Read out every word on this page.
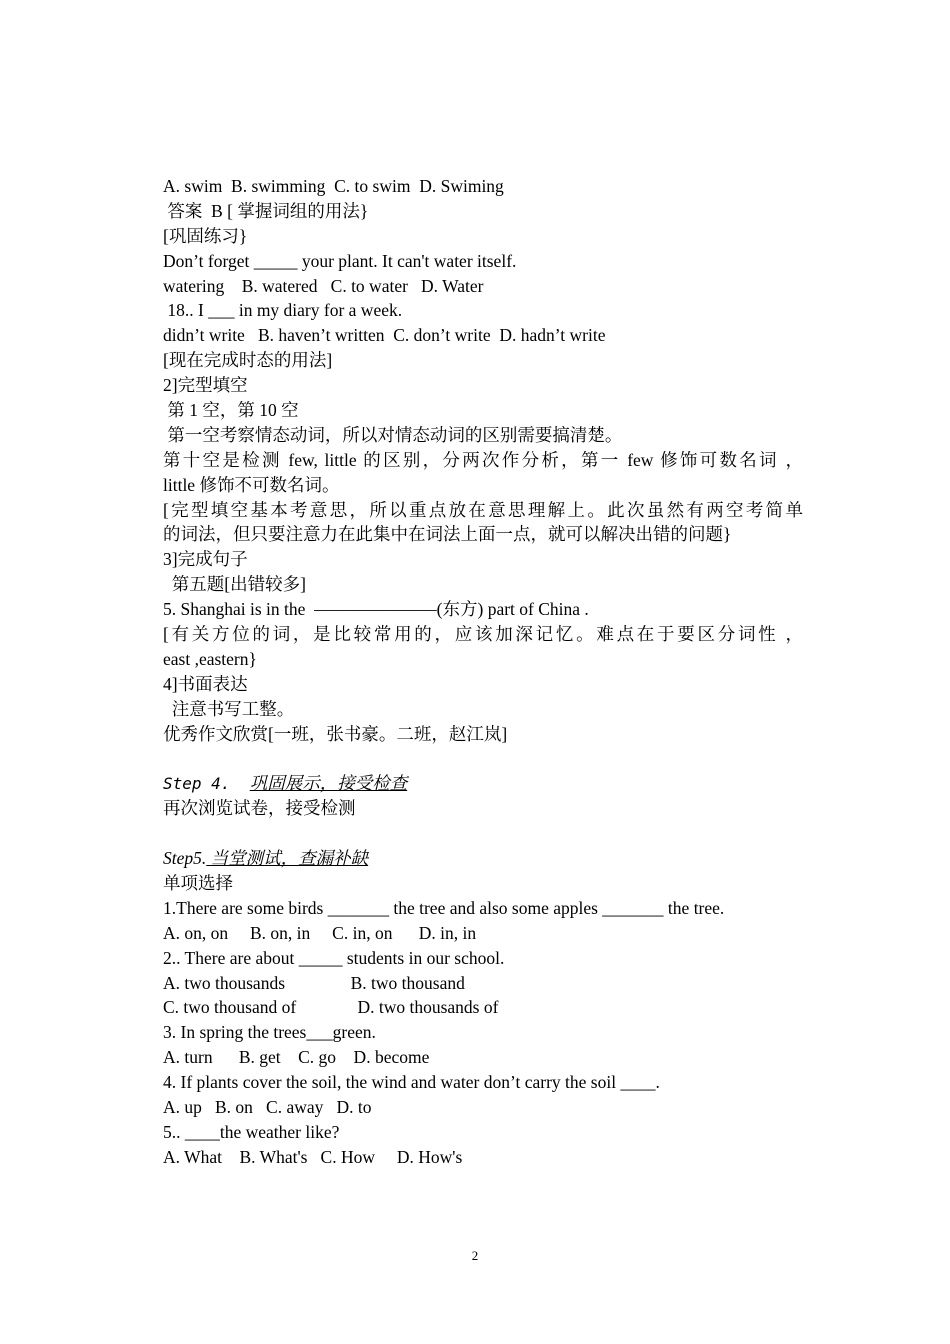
A. swim  B. swimming  C. to swim  D. Swiming
答案  B [ 掌握词组的用法}
[巩固练习}
Don’t forget _____ your plant. It can't water itself.
watering    B. watered   C. to water   D. Water
18.. I ___ in my diary for a week.
didn’t write   B. haven’t written  C. don’t write  D. hadn’t write
[现在完成时态的用法]
2]完型填空
第 1 空，第 10 空
第一空考察情态动词，所以对情态动词的区别需要搞清楚。
第十空是检测 few, little 的区别，分两次作分析，第一 few 修饰可数名词 ，
little 修饰不可数名词。
[完型填空基本考意思，所以重点放在意思理解上。此次虽然有两空考简单
的词法，但只要注意力在此集中在词法上面一点，就可以解决出错的问题}
3]完成句子
第五题[出错较多]
5. Shanghai is in the  ———————(东方) part of China .
[有关方位的词，是比较常用的，应该加深记忆。难点在于要区分词性 ，
east ,eastern}
4]书面表达
注意书写工整。
优秀作文欣赏[一班，张书豪。二班，赵江岚]
Step 4.  巩固展示，接受检查
再次浏览试卷，接受检测
Step5. 当堂测试，查漏补缺
单项选择
1.There are some birds _______ the tree and also some apples _______ the tree.
A. on, on     B. on, in     C. in, on      D. in, in
2.. There are about _____ students in our school.
A. two thousands               B. two thousand
C. two thousand of              D. two thousands of
3. In spring the trees___green.
A. turn      B. get    C. go    D. become
4. If plants cover the soil, the wind and water don’t carry the soil ____.
A. up   B. on   C. away   D. to
5.. ____the weather like?
A. What    B. What's   C. How     D. How's
2
